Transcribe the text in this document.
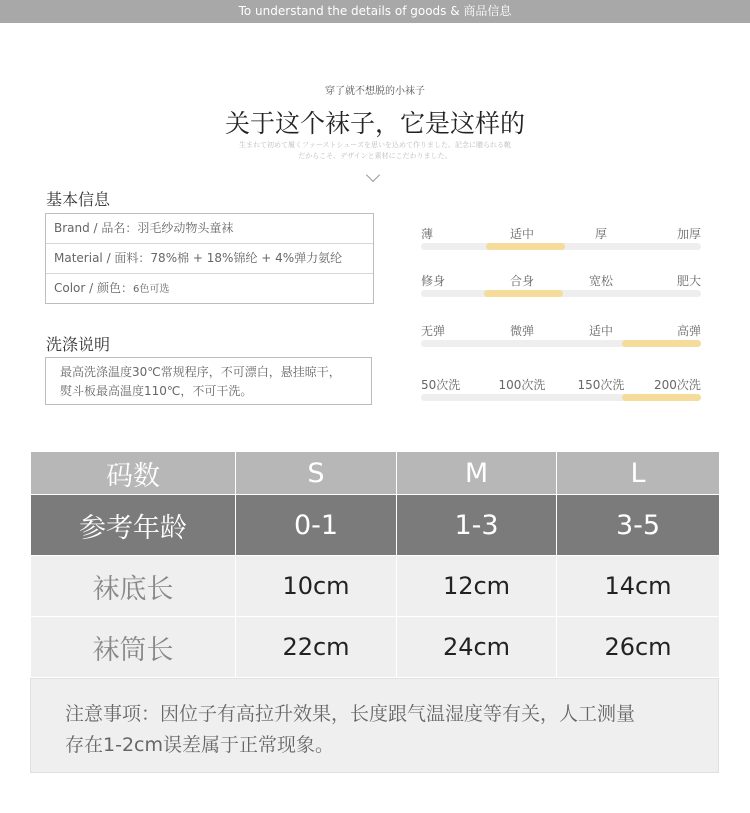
To understand the details of goods & 商品信息
穿了就不想脱的小袜子
关于这个袜子，它是这样的
生まれて初めて履くファーストシューズを思いを込めて作りました。記念に贈られる靴
だからこそ、デザインと素材にこだわりました。
基本信息
Brand / 品名：羽毛纱动物头童袜
Material / 面料：78%棉 + 18%锦纶 + 4%弹力氨纶
Color / 颜色：6色可选
洗涤说明
最高洗涤温度30℃常规程序，不可漂白，悬挂晾干，
熨斗板最高温度110℃，不可干洗。
薄	适中	厚	加厚
修身	合身	宽松	肥大
无弹	微弹	适中	高弹
50次洗	100次洗	150次洗 200次洗
码数	S	M	L
参考年龄	0-1	1-3	3-5
袜底长	10cm	12cm	14cm
袜筒长	22cm	24cm	26cm
注意事项：因位子有高拉升效果，长度跟气温湿度等有关，人工测量
存在1-2cm误差属于正常现象。
